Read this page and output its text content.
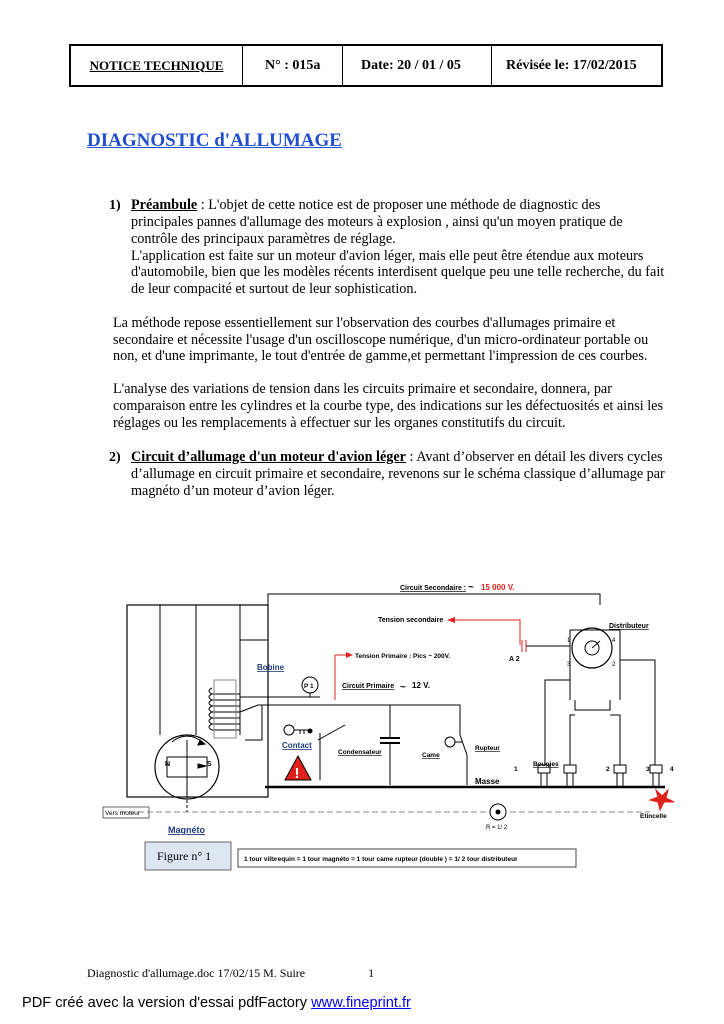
NOTICE TECHNIQUE	N° : 015a	Date: 20 / 01 / 05	Révisée le: 17/02/2015
DIAGNOSTIC d'ALLUMAGE
1) Préambule : L'objet de cette notice est de proposer une méthode de diagnostic des
principales pannes d'allumage des moteurs à explosion , ainsi qu'un moyen pratique de
contrôle des principaux paramètres de réglage.
L'application est faite sur un moteur d'avion léger, mais elle peut être étendue aux moteurs
d'automobile, bien que les modèles récents interdisent quelque peu une telle recherche, du fait
de leur compacité et surtout de leur sophistication.
La méthode repose essentiellement sur l'observation des courbes d'allumages primaire et
secondaire et nécessite l'usage d'un oscilloscope numérique, d'un micro-ordinateur portable ou
non, et d'une imprimante, le tout d'entrée de gamme,et permettant l'impression de ces courbes.
L'analyse des variations de tension dans les circuits primaire et secondaire, donnera, par
comparaison entre les cylindres et la courbe type, des indications sur les défectuosités et ainsi les
réglages ou les remplacements à effectuer sur les organes constitutifs du circuit.
2) Circuit d’allumage d'un moteur d'avion léger : Avant d’observer en détail les divers cycles
d’allumage en circuit primaire et secondaire, revenons sur le schéma classique d’allumage par
magnéto d’un moteur d’avion léger.
!
Circuit Secondaire : ~ 15 000 V.
Tension secondaire
Distributeur
Tension Primaire : Pics ~ 200V.	A 2
Bobine
P 1	Circuit Primaire ~ 12 V.
Contact
Condensateur	Came
Rupteur
Bougies
Masse
N	S
Vers moteur	Etincelle
Magnéto	R = 1/ 2
Figure n° 1	1 tour vilbrequin = 1 tour magnéto = 1 tour came rupteur (double ) = 1/ 2 tour distributeur
1	4
3	2
1	2	3	4
Diagnostic d'allumage.doc 17/02/15 M. Suire	1
PDF créé avec la version d'essai pdfFactory www.fineprint.fr
